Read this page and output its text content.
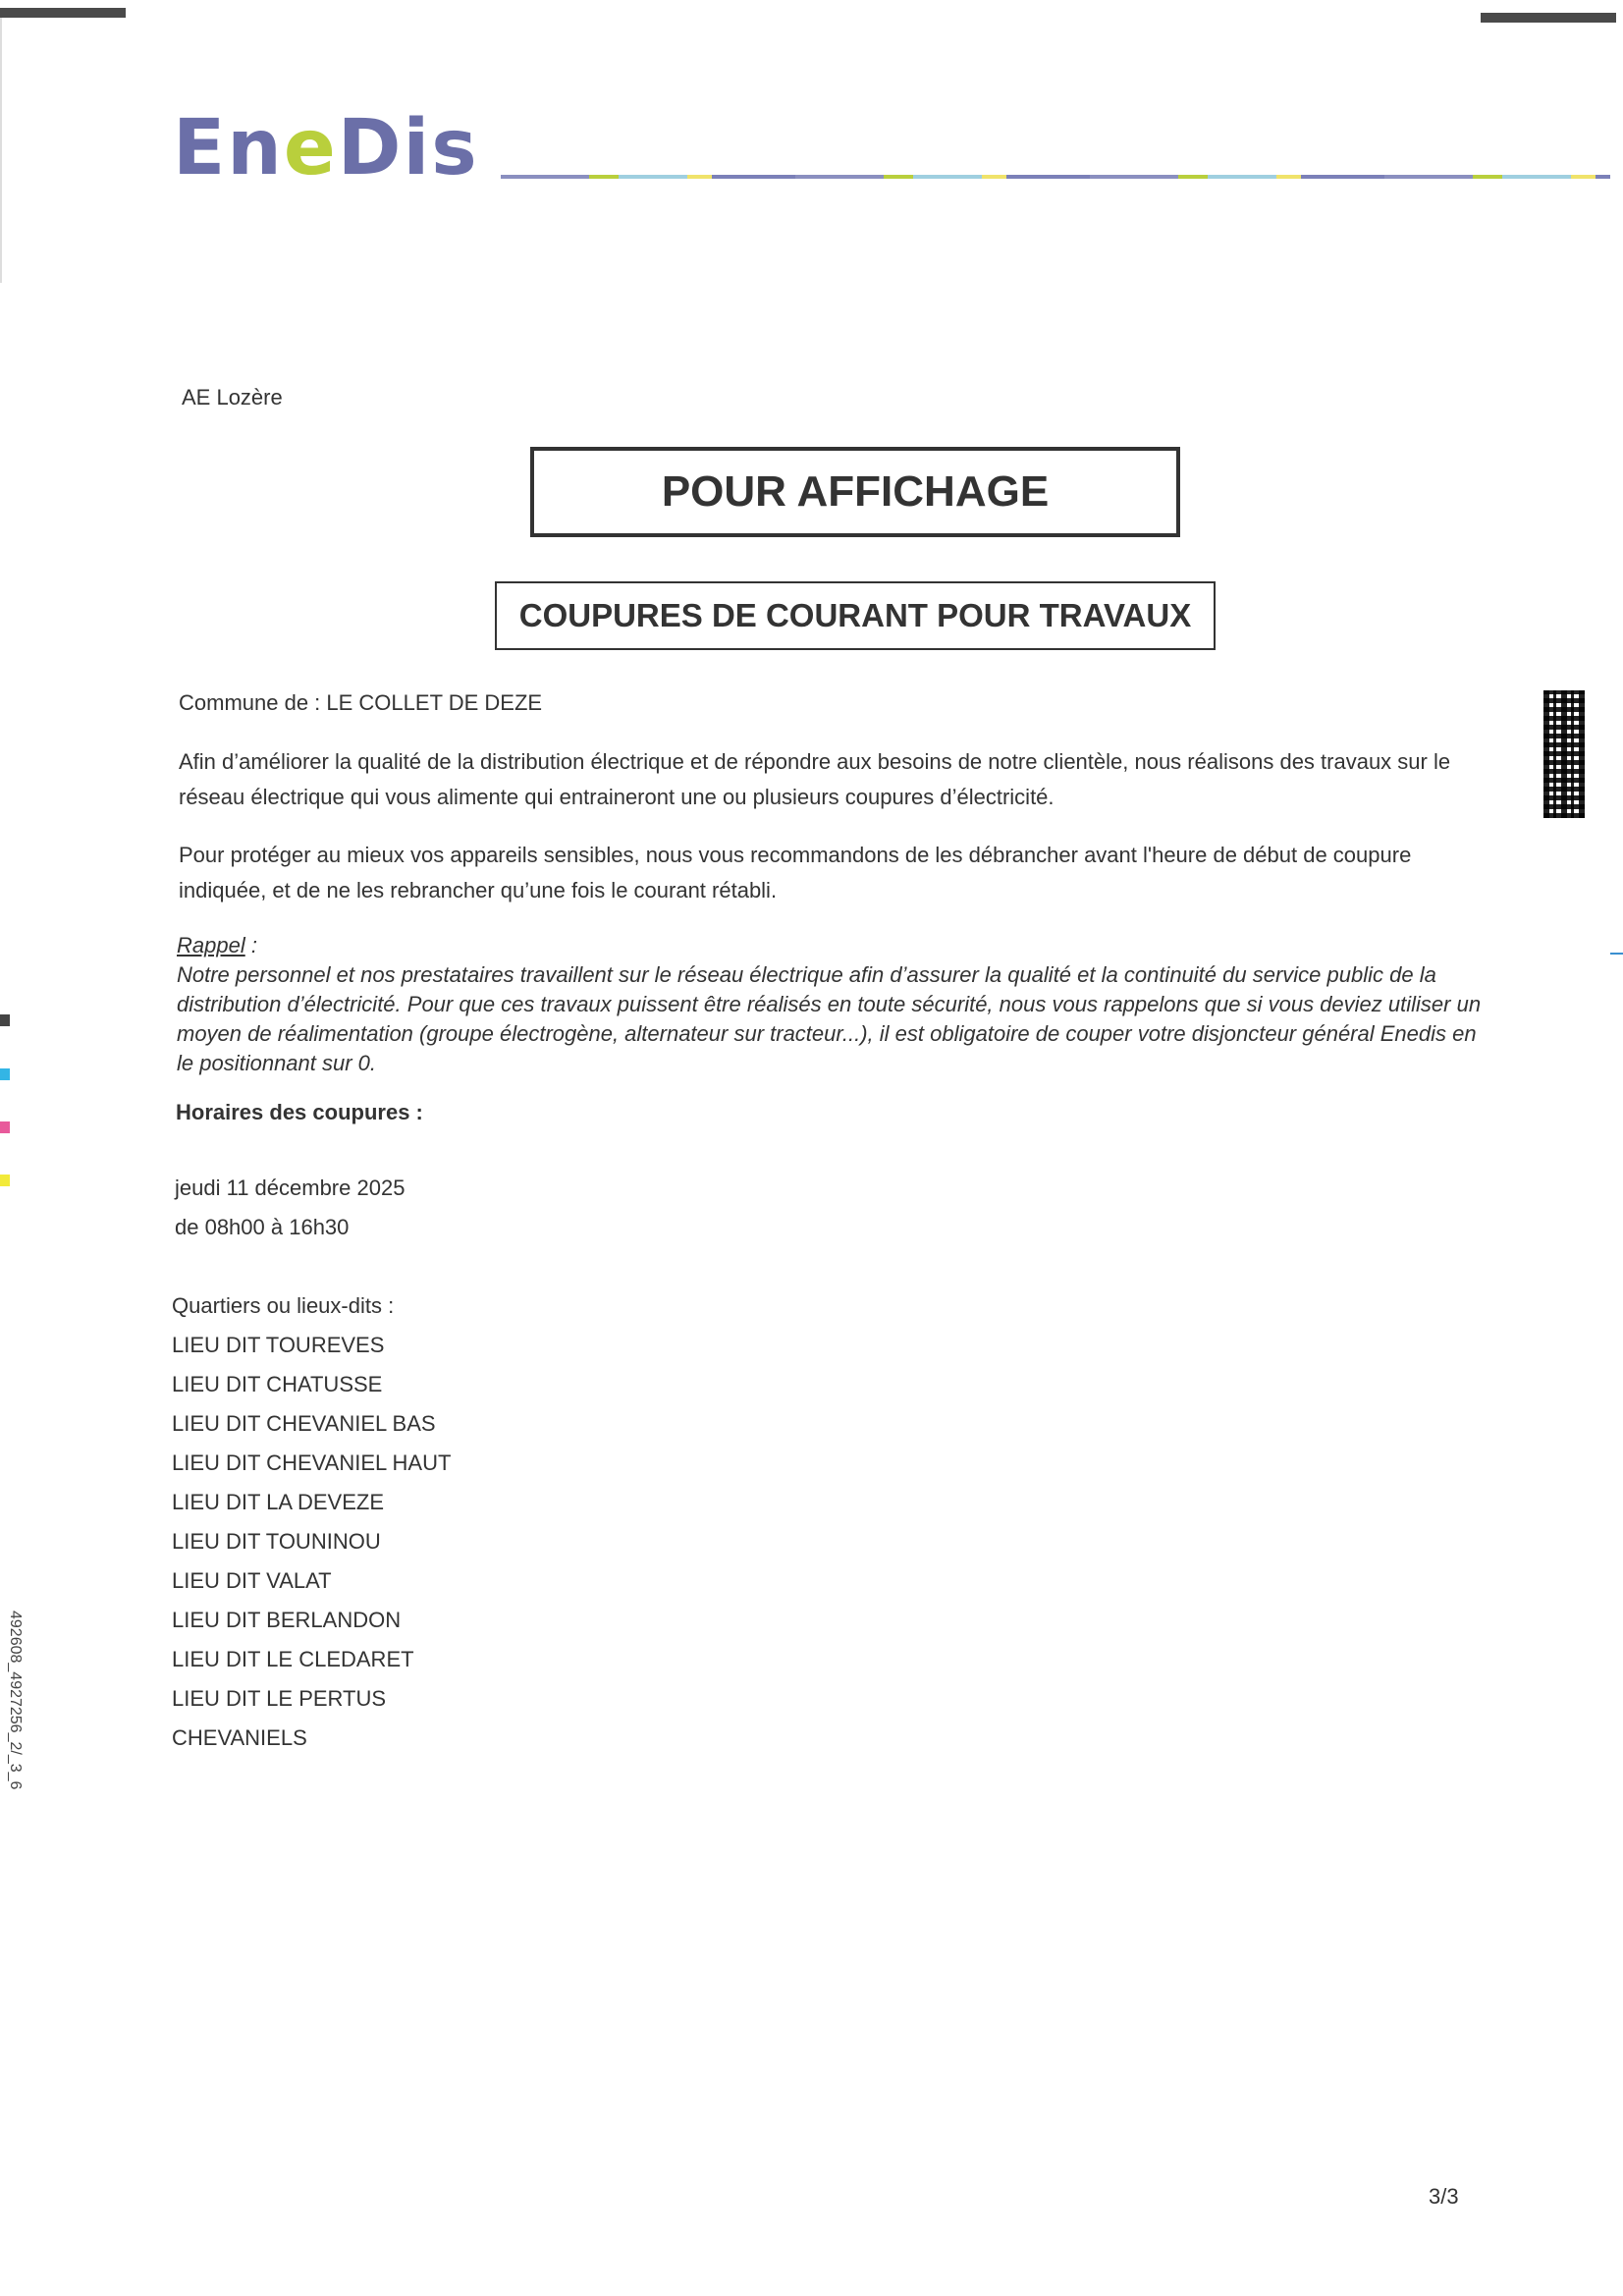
EneDis
AE Lozère
POUR AFFICHAGE
COUPURES DE COURANT POUR TRAVAUX
Commune de : LE COLLET DE DEZE
Afin d’améliorer la qualité de la distribution électrique et de répondre aux besoins de notre clientèle, nous réalisons des travaux sur le réseau électrique qui vous alimente qui entraineront une ou plusieurs coupures d’électricité.
Pour protéger au mieux vos appareils sensibles, nous vous recommandons de les débrancher avant l'heure de début de coupure indiquée, et de ne les rebrancher qu’une fois le courant rétabli.
Rappel :
Notre personnel et nos prestataires travaillent sur le réseau électrique afin d’assurer la qualité et la continuité du service public de la distribution d’électricité. Pour que ces travaux puissent être réalisés en toute sécurité, nous vous rappelons que si vous deviez utiliser un moyen de réalimentation (groupe électrogène, alternateur sur tracteur...), il est obligatoire de couper votre disjoncteur général Enedis en le positionnant sur 0.
Horaires des coupures :
jeudi 11 décembre 2025
de 08h00 à 16h30
Quartiers ou lieux-dits :
LIEU DIT TOUREVES
LIEU DIT CHATUSSE
LIEU DIT CHEVANIEL BAS
LIEU DIT CHEVANIEL HAUT
LIEU DIT LA DEVEZE
LIEU DIT TOUNINOU
LIEU DIT VALAT
LIEU DIT BERLANDON
LIEU DIT LE CLEDARET
LIEU DIT LE PERTUS
CHEVANIELS
492608_4927256_2/_3_6
3/3
